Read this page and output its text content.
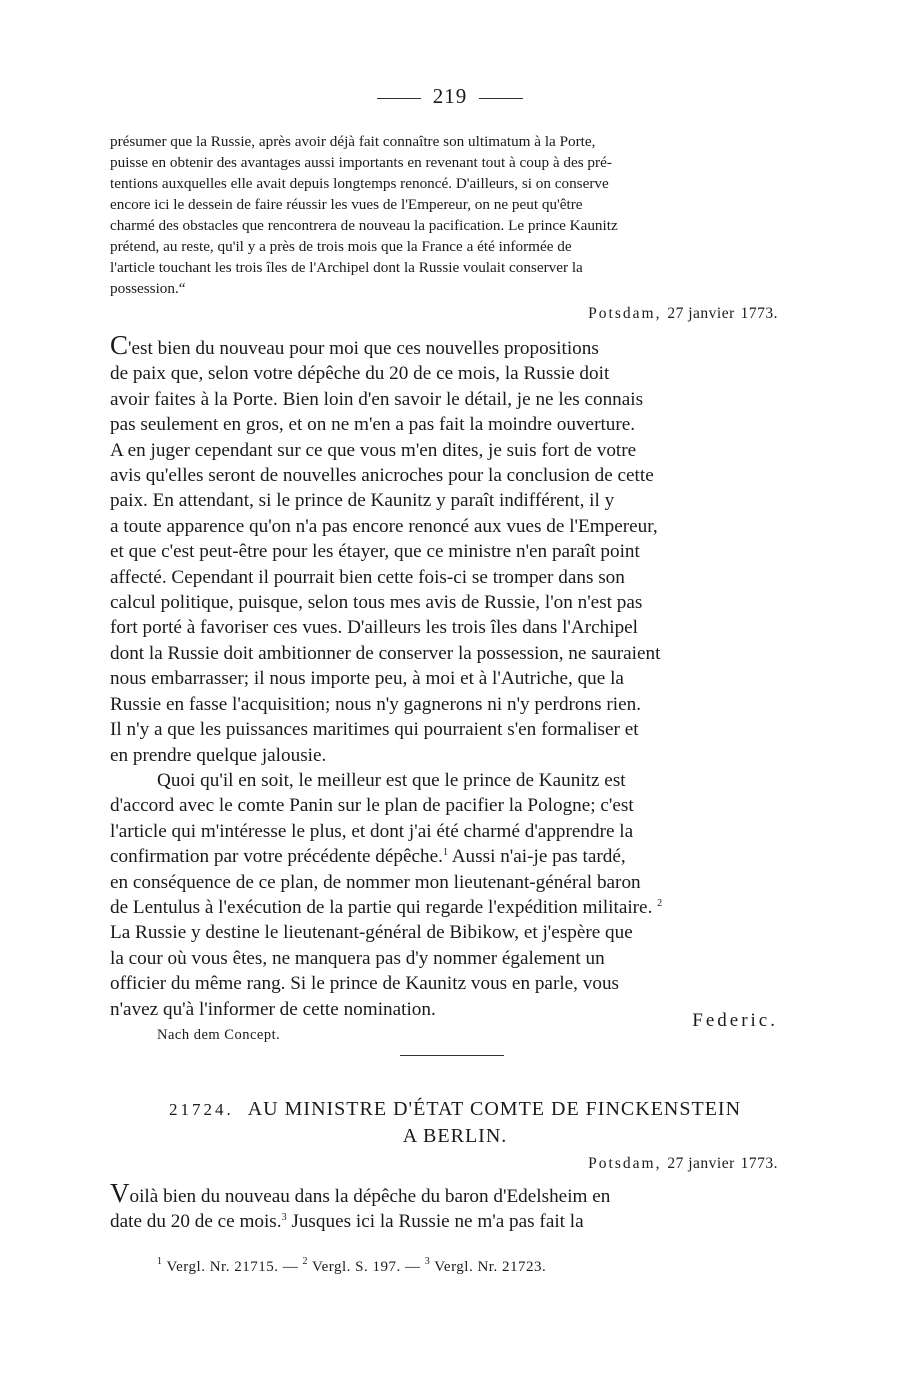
219

présumer que la Russie, après avoir déjà fait connaître son ultimatum à la Porte,

puisse en obtenir des avantages aussi importants en revenant tout à coup à des pré-

tentions auxquelles elle avait depuis longtemps renoncé. D'ailleurs, si on conserve

encore ici le dessein de faire réussir les vues de l'Empereur, on ne peut qu'être

charmé des obstacles que rencontrera de nouveau la pacification. Le prince Kaunitz

prétend, au reste, qu'il y a près de trois mois que la France a été informée de

l'article touchant les trois îles de l'Archipel dont la Russie voulait conserver la

possession.“

Potsdam, 27 janvier 1773.

C'est bien du nouveau pour moi que ces nouvelles propositions

de paix que, selon votre dépêche du 20 de ce mois, la Russie doit

avoir faites à la Porte. Bien loin d'en savoir le détail, je ne les connais

pas seulement en gros, et on ne m'en a pas fait la moindre ouverture.

A en juger cependant sur ce que vous m'en dites, je suis fort de votre

avis qu'elles seront de nouvelles anicroches pour la conclusion de cette

paix. En attendant, si le prince de Kaunitz y paraît indifférent, il y

a toute apparence qu'on n'a pas encore renoncé aux vues de l'Empereur,

et que c'est peut-être pour les étayer, que ce ministre n'en paraît point

affecté. Cependant il pourrait bien cette fois-ci se tromper dans son

calcul politique, puisque, selon tous mes avis de Russie, l'on n'est pas

fort porté à favoriser ces vues. D'ailleurs les trois îles dans l'Archipel

dont la Russie doit ambitionner de conserver la possession, ne sauraient

nous embarrasser; il nous importe peu, à moi et à l'Autriche, que la

Russie en fasse l'acquisition; nous n'y gagnerons ni n'y perdrons rien.

Il n'y a que les puissances maritimes qui pourraient s'en formaliser et

en prendre quelque jalousie.

Quoi qu'il en soit, le meilleur est que le prince de Kaunitz est

d'accord avec le comte Panin sur le plan de pacifier la Pologne; c'est

l'article qui m'intéresse le plus, et dont j'ai été charmé d'apprendre la

confirmation par votre précédente dépêche.$^1$ Aussi n'ai-je pas tardé,

en conséquence de ce plan, de nommer mon lieutenant-général baron

de Lentulus à l'exécution de la partie qui regarde l'expédition militaire. $^2$

La Russie y destine le lieutenant-général de Bibikow, et j'espère que

la cour où vous êtes, ne manquera pas d'y nommer également un

officier du même rang. Si le prince de Kaunitz vous en parle, vous

n'avez qu'à l'informer de cette nomination.

Federic.
Nach dem Concept.
21724. AU MINISTRE D'ÉTAT COMTE DE FINCKENSTEIN
A BERLIN.
Potsdam, 27 janvier 1773.

Voilà bien du nouveau dans la dépêche du baron d'Edelsheim en

date du 20 de ce mois.$^3$ Jusques ici la Russie ne m'a pas fait la

$^1$ Vergl. Nr. 21715. — $^2$ Vergl. S. 197. — $^3$ Vergl. Nr. 21723.
